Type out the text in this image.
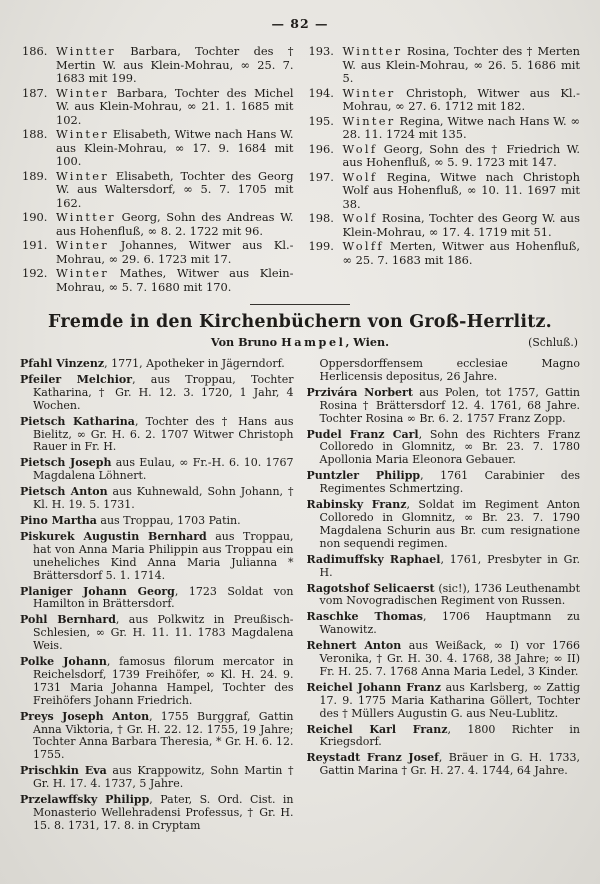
— 82 —
186. Wintter Barbara, Tochter des † Mertin W. aus Klein-Mohrau, ∞ 25. 7. 1683 mit 199.
187. Winter Barbara, Tochter des Michel W. aus Klein-Mohrau, ∞ 21. 1. 1685 mit 102.
188. Winter Elisabeth, Witwe nach Hans W. aus Klein-Mohrau, ∞ 17. 9. 1684 mit 100.
189. Winter Elisabeth, Tochter des Georg W. aus Waltersdorf, ∞ 5. 7. 1705 mit 162.
190. Wintter Georg, Sohn des Andreas W. aus Hohenfluß, ∞ 8. 2. 1722 mit 96.
191. Winter Johannes, Witwer aus Kl.-Mohrau, ∞ 29. 6. 1723 mit 17.
192. Winter Mathes, Witwer aus Klein-Mohrau, ∞ 5. 7. 1680 mit 170.
193. Wintter Rosina, Tochter des † Merten W. aus Klein-Mohrau, ∞ 26. 5. 1686 mit 5.
194. Winter Christoph, Witwer aus Kl.-Mohrau, ∞ 27. 6. 1712 mit 182.
195. Winter Regina, Witwe nach Hans W. ∞ 28. 11. 1724 mit 135.
196. Wolf Georg, Sohn des † Friedrich W. aus Hohenfluß, ∞ 5. 9. 1723 mit 147.
197. Wolf Regina, Witwe nach Christoph Wolf aus Hohenfluß, ∞ 10. 11. 1697 mit 38.
198. Wolf Rosina, Tochter des Georg W. aus Klein-Mohrau, ∞ 17. 4. 1719 mit 51.
199. Wolff Merten, Witwer aus Hohenfluß, ∞ 25. 7. 1683 mit 186.
Fremde in den Kirchenbüchern von Groß-Herrlitz.
Von Bruno Hampel, Wien.	(Schluß.)

Pfahl Vinzenz, 1771, Apotheker in Jägerndorf.

Pfeiler Melchior, aus Troppau, Tochter Katharina, † Gr. H. 12. 3. 1720, 1 Jahr, 4 Wochen.

Pietsch Katharina, Tochter des † Hans aus Bielitz, ∞ Gr. H. 6. 2. 1707 Witwer Christoph Rauer in Fr. H.

Pietsch Joseph aus Eulau, ∞ Fr.-H. 6. 10. 1767 Magdalena Löhnert.

Pietsch Anton aus Kuhnewald, Sohn Johann, † Kl. H. 19. 5. 1731.

Pino Martha aus Troppau, 1703 Patin.

Piskurek Augustin Bernhard aus Troppau, hat von Anna Maria Philippin aus Troppau ein uneheliches Kind Anna Maria Julianna * Brättersdorf 5. 1. 1714.

Planiger Johann Georg, 1723 Soldat von Hamilton in Brättersdorf.

Pohl Bernhard, aus Polkwitz in Preußisch-Schlesien, ∞ Gr. H. 11. 11. 1783 Magdalena Weis.

Polke Johann, famosus filorum mercator in Reichelsdorf, 1739 Freihöfer, ∞ Kl. H. 24. 9. 1731 Maria Johanna Hampel, Tochter des Freihöfers Johann Friedrich.

Preys Joseph Anton, 1755 Burggraf, Gattin Anna Viktoria, † Gr. H. 22. 12. 1755, 19 Jahre; Tochter Anna Barbara Theresia, * Gr. H. 6. 12. 1755.

Prischkin Eva aus Krappowitz, Sohn Martin † Gr. H. 17. 4. 1737, 5 Jahre.

Przelawffsky Philipp, Pater, S. Ord. Cist. in Monasterio Wellehradensi Professus, † Gr. H. 15. 8. 1731, 17. 8. in Cryptam

Oppersdorffensem ecclesiae Magno Herlicensis depositus, 26 Jahre.

Przivára Norbert aus Polen, tot 1757, Gattin Rosina † Brättersdorf 12. 4. 1761, 68 Jahre. Tochter Rosina ∞ Br. 6. 2. 1757 Franz Zopp.

Pudel Franz Carl, Sohn des Richters Franz Colloredo in Glomnitz, ∞ Br. 23. 7. 1780 Apollonia Maria Eleonora Gebauer.

Puntzler Philipp, 1761 Carabinier des Regimentes Schmertzing.

Rabinsky Franz, Soldat im Regiment Anton Colloredo in Glomnitz, ∞ Br. 23. 7. 1790 Magdalena Schurin aus Br. cum resignatione non sequendi regimen.

Radimuffsky Raphael, 1761, Presbyter in Gr. H.

Ragotshof Selicaerst (sic!), 1736 Leuthenambt vom Novogradischen Regiment von Russen.

Raschke Thomas, 1706 Hauptmann zu Wanowitz.

Rehnert Anton aus Weißack, ∞ I) vor 1766 Veronika, † Gr. H. 30. 4. 1768, 38 Jahre; ∞ II) Fr. H. 25. 7. 1768 Anna Maria Ledel, 3 Kinder.

Reichel Johann Franz aus Karlsberg, ∞ Zattig 17. 9. 1775 Maria Katharina Göllert, Tochter des † Müllers Augustin G. aus Neu-Lublitz.

Reichel Karl Franz, 1800 Richter in Kriegsdorf.

Reystadt Franz Josef, Bräuer in G. H. 1733, Gattin Marina † Gr. H. 27. 4. 1744, 64 Jahre.
